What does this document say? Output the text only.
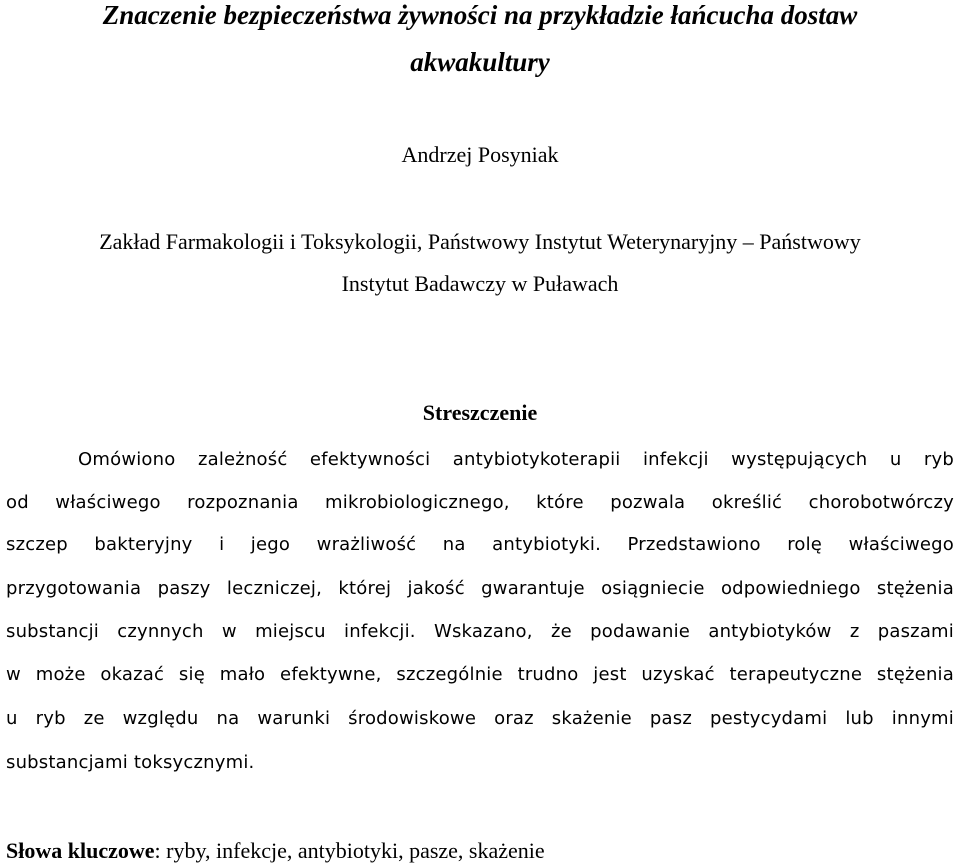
Znaczenie bezpieczeństwa żywności na przykładzie łańcucha dostaw

akwakultury

Andrzej Posyniak

Zakład Farmakologii i Toksykologii, Państwowy Instytut Weterynaryjny – Państwowy

Instytut Badawczy w Puławach

Streszczenie

Omówiono zależność efektywności antybiotykoterapii infekcji występujących u ryb

od właściwego rozpoznania mikrobiologicznego, które pozwala określić chorobotwórczy

szczep bakteryjny i jego wrażliwość na antybiotyki. Przedstawiono rolę właściwego

przygotowania paszy leczniczej, której jakość gwarantuje osiągniecie odpowiedniego stężenia

substancji czynnych w miejscu infekcji. Wskazano, że podawanie antybiotyków z paszami

w może okazać się mało efektywne, szczególnie trudno jest uzyskać terapeutyczne stężenia

u ryb ze względu na warunki środowiskowe oraz skażenie pasz pestycydami lub innymi

substancjami toksycznymi.

Słowa kluczowe: ryby, infekcje, antybiotyki, pasze, skażenie
